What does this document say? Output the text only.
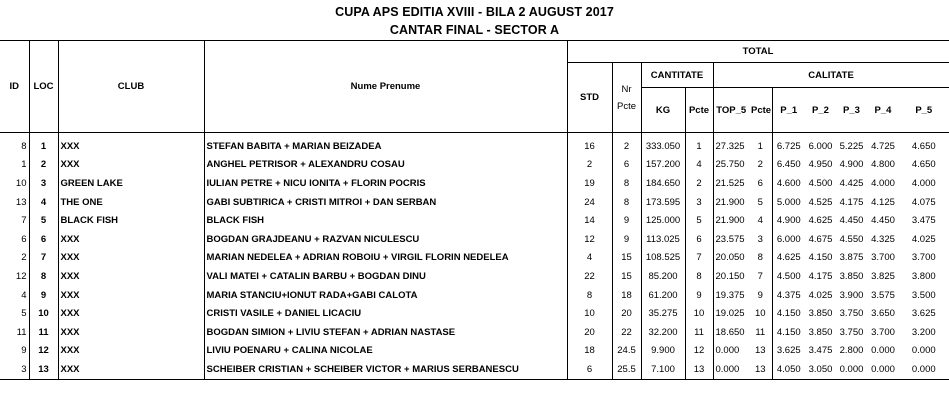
CUPA APS EDITIA XVIII - BILA 2 AUGUST 2017
CANTAR FINAL - SECTOR A
ID	LOC	CLUB	Nume Prenume	TOTAL										
				STD	Nr Pcte	CANTITATE		CALITATE						
						KG	Pcte	TOP_5	Pcte	P_1	P_2	P_3	P_4	P_5

8	1	XXX	STEFAN BABITA + MARIAN BEIZADEA	16	2	333.050	1	27.325	1	6.725	6.000	5.225	4.725	4.650
1	2	XXX	ANGHEL PETRISOR + ALEXANDRU COSAU	2	6	157.200	4	25.750	2	6.450	4.950	4.900	4.800	4.650
10	3	GREEN LAKE	IULIAN PETRE + NICU IONITA + FLORIN POCRIS	19	8	184.650	2	21.525	6	4.600	4.500	4.425	4.000	4.000
13	4	THE ONE	GABI SUBTIRICA + CRISTI MITROI + DAN SERBAN	24	8	173.595	3	21.900	5	5.000	4.525	4.175	4.125	4.075
7	5	BLACK FISH	BLACK FISH	14	9	125.000	5	21.900	4	4.900	4.625	4.450	4.450	3.475
6	6	XXX	BOGDAN GRAJDEANU + RAZVAN NICULESCU	12	9	113.025	6	23.575	3	6.000	4.675	4.550	4.325	4.025
2	7	XXX	MARIAN NEDELEA + ADRIAN ROBOIU + VIRGIL FLORIN NEDELEA	4	15	108.525	7	20.050	8	4.625	4.150	3.875	3.700	3.700
12	8	XXX	VALI MATEI + CATALIN BARBU + BOGDAN DINU	22	15	85.200	8	20.150	7	4.500	4.175	3.850	3.825	3.800
4	9	XXX	MARIA STANCIU+IONUT RADA+GABI CALOTA	8	18	61.200	9	19.375	9	4.375	4.025	3.900	3.575	3.500
5	10	XXX	CRISTI VASILE + DANIEL LICACIU	10	20	35.275	10	19.025	10	4.150	3.850	3.750	3.650	3.625
11	11	XXX	BOGDAN SIMION + LIVIU STEFAN + ADRIAN NASTASE	20	22	32.200	11	18.650	11	4.150	3.850	3.750	3.700	3.200
9	12	XXX	LIVIU POENARU + CALINA NICOLAE	18	24.5	9.900	12	0.000	13	3.625	3.475	2.800	0.000	0.000
3	13	XXX	SCHEIBER CRISTIAN + SCHEIBER VICTOR + MARIUS SERBANESCU	6	25.5	7.100	13	0.000	13	4.050	3.050	0.000	0.000	0.000
